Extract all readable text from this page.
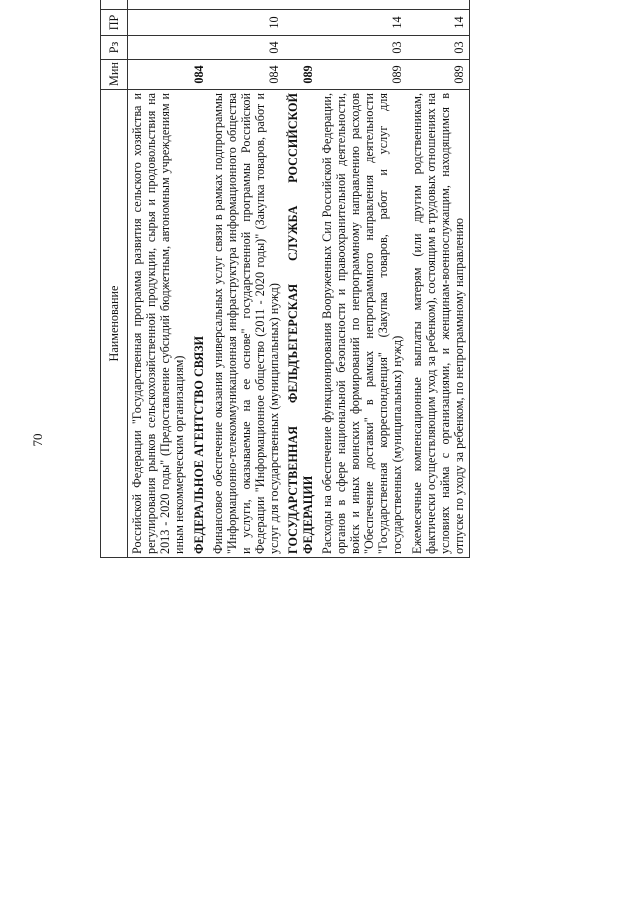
70
Наименование	Мин	Рз	ПР			
Российской Федерации "Государственная программа развития сельского хозяйства и регулирования рынков сельскохозяйственной продукции, сырья и продовольствия на 2013 - 2020 годы" (Предоставление субсидий бюджетным, автономным учреждениям и иным некоммерческим организациям)						
ФЕДЕРАЛЬНОЕ АГЕНТСТВО СВЯЗИ	084					
Финансовое обеспечение оказания универсальных услуг связи в рамках подпрограммы "Информационно-телекоммуникационная инфраструктура информационного общества и услуги, оказываемые на ее основе" государственной программы Российской Федерации "Информационное общество (2011 - 2020 годы)" (Закупка товаров, работ и услуг для государственных (муниципальных) нужд)	084	04	10			
ГОСУДАРСТВЕННАЯ ФЕЛЬДЪЕГЕРСКАЯ СЛУЖБА РОССИЙСКОЙ ФЕДЕРАЦИИ	089					
Расходы на обеспечение функционирования Вооруженных Сил Российской Федерации, органов в сфере национальной безопасности и правоохранительной деятельности, войск и иных воинских формирований по непрограммному направлению расходов "Обеспечение доставки" в рамках непрограммного направления деятельности "Государственная корреспонденция" (Закупка товаров, работ и услуг для государственных (муниципальных) нужд)	089	03	14			
Ежемесячные компенсационные выплаты матерям (или другим родственникам, фактически осуществляющим уход за ребенком), состоящим в трудовых отношениях на условиях найма с организациями, и женщинам-военнослужащим, находящимся в отпуске по уходу за ребенком, по непрограммному направлению	089	03	14			
